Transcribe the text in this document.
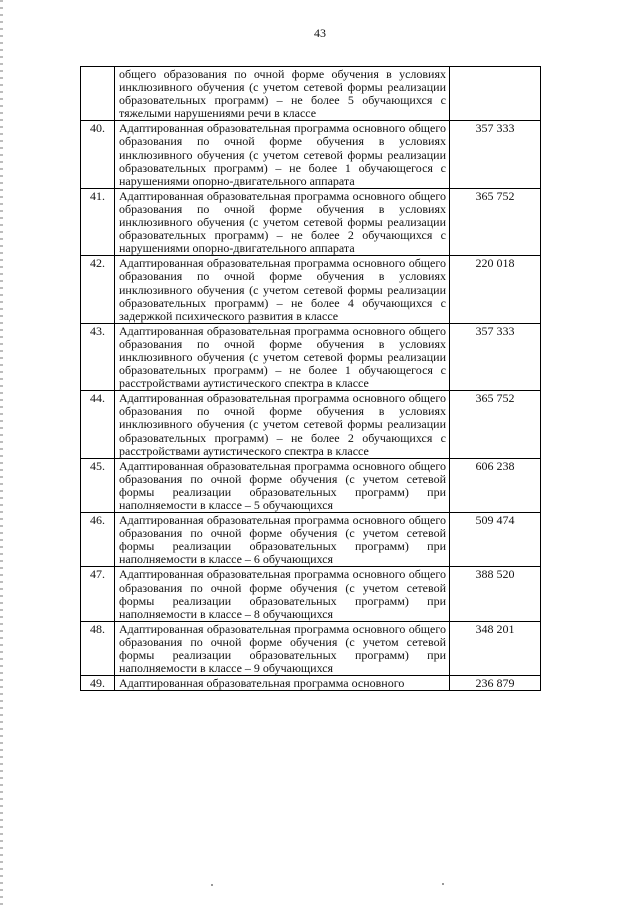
43

	общего образования по очной форме обучения в условиях инклюзивного обучения (с учетом сетевой формы реализации образовательных программ) – не более 5 обучающихся с тяжелыми нарушениями речи в классе	

40.	Адаптированная образовательная программа основного общего образования по очной форме обучения в условиях инклюзивного обучения (с учетом сетевой формы реализации образовательных программ) – не более 1 обучающегося с нарушениями опорно-двигательного аппарата	357 333
41.	Адаптированная образовательная программа основного общего образования по очной форме обучения в условиях инклюзивного обучения (с учетом сетевой формы реализации образовательных программ) – не более 2 обучающихся с нарушениями опорно-двигательного аппарата	365 752
42.	Адаптированная образовательная программа основного общего образования по очной форме обучения в условиях инклюзивного обучения (с учетом сетевой формы реализации образовательных программ) – не более 4 обучающихся с задержкой психического развития в классе	220 018
43.	Адаптированная образовательная программа основного общего образования по очной форме обучения в условиях инклюзивного обучения (с учетом сетевой формы реализации образовательных программ) – не более 1 обучающегося с расстройствами аутистического спектра в классе	357 333
44.	Адаптированная образовательная программа основного общего образования по очной форме обучения в условиях инклюзивного обучения (с учетом сетевой формы реализации образовательных программ) – не более 2 обучающихся с расстройствами аутистического спектра в классе	365 752
45.	Адаптированная образовательная программа основного общего образования по очной форме обучения (с учетом сетевой формы реализации образовательных программ) при наполняемости в классе – 5 обучающихся	606 238
46.	Адаптированная образовательная программа основного общего образования по очной форме обучения (с учетом сетевой формы реализации образовательных программ) при наполняемости в классе – 6 обучающихся	509 474
47.	Адаптированная образовательная программа основного общего образования по очной форме обучения (с учетом сетевой формы реализации образовательных программ) при наполняемости в классе – 8 обучающихся	388 520
48.	Адаптированная образовательная программа основного общего образования по очной форме обучения (с учетом сетевой формы реализации образовательных программ) при наполняемости в классе – 9 обучающихся	348 201
49.	Адаптированная образовательная программа основного	236 879
